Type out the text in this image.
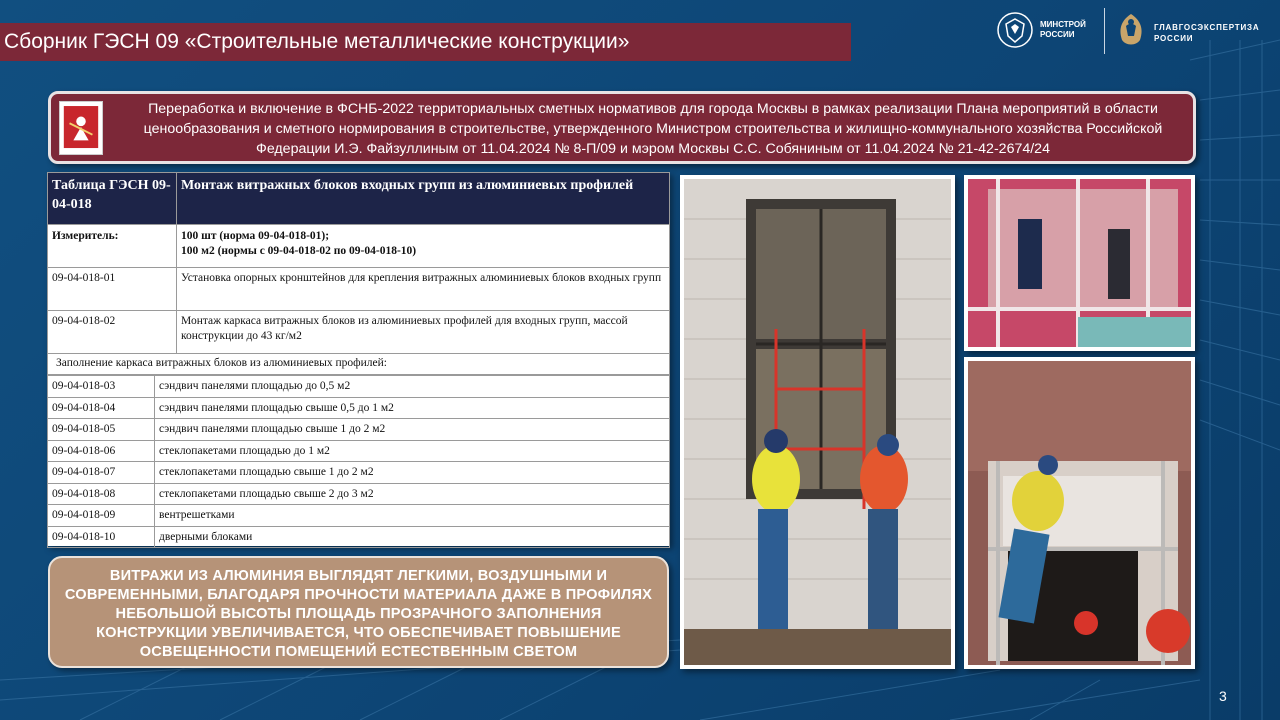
Сборник ГЭСН 09 «Строительные металлические конструкции»
МИНСТРОЙ
РОССИИ
ГЛАВГОСЭКСПЕРТИЗА
РОССИИ
Переработка и включение в ФСНБ-2022 территориальных сметных нормативов для города Москвы в рамках реализации Плана мероприятий в области ценообразования и сметного нормирования в строительстве, утвержденного Министром строительства и жилищно-коммунального хозяйства Российской Федерации И.Э. Файзуллиным от 11.04.2024 № 8-П/09 и мэром Москвы С.С. Собяниным от 11.04.2024 № 21-42-2674/24
Таблица ГЭСН 09-04-018	Монтаж витражных блоков входных групп из алюминиевых профилей
Измеритель:	100 шт (норма 09-04-018-01);
100 м2 (нормы с 09-04-018-02 по 09-04-018-10)

09-04-018-01	Установка опорных кронштейнов для крепления витражных алюминиевых блоков входных групп
09-04-018-02	Монтаж каркаса витражных блоков из алюминиевых профилей для входных групп, массой конструкции до 43 кг/м2
Заполнение каркаса витражных блоков из алюминиевых профилей:	
09-04-018-03	сэндвич панелями площадью до 0,5 м2
09-04-018-04	сэндвич панелями площадью свыше 0,5 до 1 м2
09-04-018-05	сэндвич панелями площадью свыше 1 до 2 м2
09-04-018-06	стеклопакетами площадью до 1 м2
09-04-018-07	стеклопакетами площадью свыше 1 до 2 м2
09-04-018-08	стеклопакетами площадью свыше 2 до 3 м2
09-04-018-09	вентрешетками
09-04-018-10	дверными блоками
ВИТРАЖИ ИЗ АЛЮМИНИЯ ВЫГЛЯДЯТ ЛЕГКИМИ, ВОЗДУШНЫМИ И СОВРЕМЕННЫМИ, БЛАГОДАРЯ ПРОЧНОСТИ МАТЕРИАЛА ДАЖЕ В ПРОФИЛЯХ НЕБОЛЬШОЙ ВЫСОТЫ ПЛОЩАДЬ ПРОЗРАЧНОГО ЗАПОЛНЕНИЯ КОНСТРУКЦИИ УВЕЛИЧИВАЕТСЯ, ЧТО ОБЕСПЕЧИВАЕТ ПОВЫШЕНИЕ ОСВЕЩЕННОСТИ ПОМЕЩЕНИЙ ЕСТЕСТВЕННЫМ СВЕТОМ
3
